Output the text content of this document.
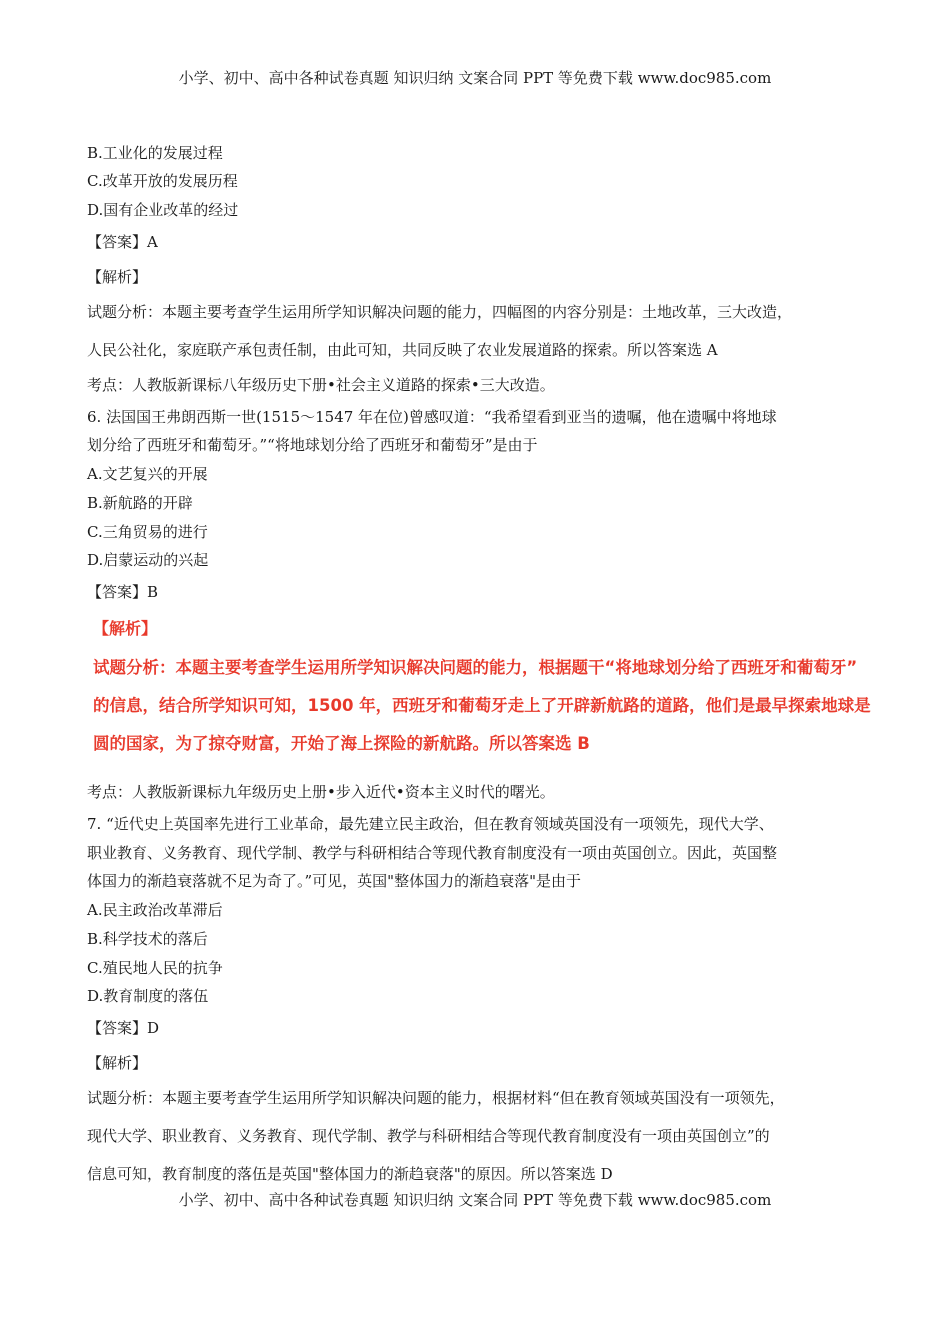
小学、初中、高中各种试卷真题 知识归纳 文案合同 PPT 等免费下载 www.doc985.com
B.工业化的发展过程
C.改革开放的发展历程
D.国有企业改革的经过
【答案】A
【解析】
试题分析：本题主要考查学生运用所学知识解决问题的能力，四幅图的内容分别是：土地改革，三大改造，
人民公社化，家庭联产承包责任制，由此可知，共同反映了农业发展道路的探索。所以答案选 A
考点：人教版新课标八年级历史下册•社会主义道路的探索•三大改造。
6. 法国国王弗朗西斯一世(1515～1547 年在位)曾感叹道：“我希望看到亚当的遗嘱，他在遗嘱中将地球
划分给了西班牙和葡萄牙。”“将地球划分给了西班牙和葡萄牙”是由于
A.文艺复兴的开展
B.新航路的开辟
C.三角贸易的进行
D.启蒙运动的兴起
【答案】B
【解析】
试题分析：本题主要考查学生运用所学知识解决问题的能力，根据题干“将地球划分给了西班牙和葡萄牙”
的信息，结合所学知识可知，1500 年，西班牙和葡萄牙走上了开辟新航路的道路，他们是最早探索地球是
圆的国家，为了掠夺财富，开始了海上探险的新航路。所以答案选 B
考点：人教版新课标九年级历史上册•步入近代•资本主义时代的曙光。
7. “近代史上英国率先进行工业革命，最先建立民主政治，但在教育领域英国没有一项领先，现代大学、
职业教育、义务教育、现代学制、教学与科研相结合等现代教育制度没有一项由英国创立。因此，英国整
体国力的渐趋衰落就不足为奇了。”可见，英国"整体国力的渐趋衰落"是由于
A.民主政治改革滞后
B.科学技术的落后
C.殖民地人民的抗争
D.教育制度的落伍
【答案】D
【解析】
试题分析：本题主要考查学生运用所学知识解决问题的能力，根据材料“但在教育领域英国没有一项领先，
现代大学、职业教育、义务教育、现代学制、教学与科研相结合等现代教育制度没有一项由英国创立”的
信息可知，教育制度的落伍是英国"整体国力的渐趋衰落"的原因。所以答案选 D
小学、初中、高中各种试卷真题 知识归纳 文案合同 PPT 等免费下载 www.doc985.com
